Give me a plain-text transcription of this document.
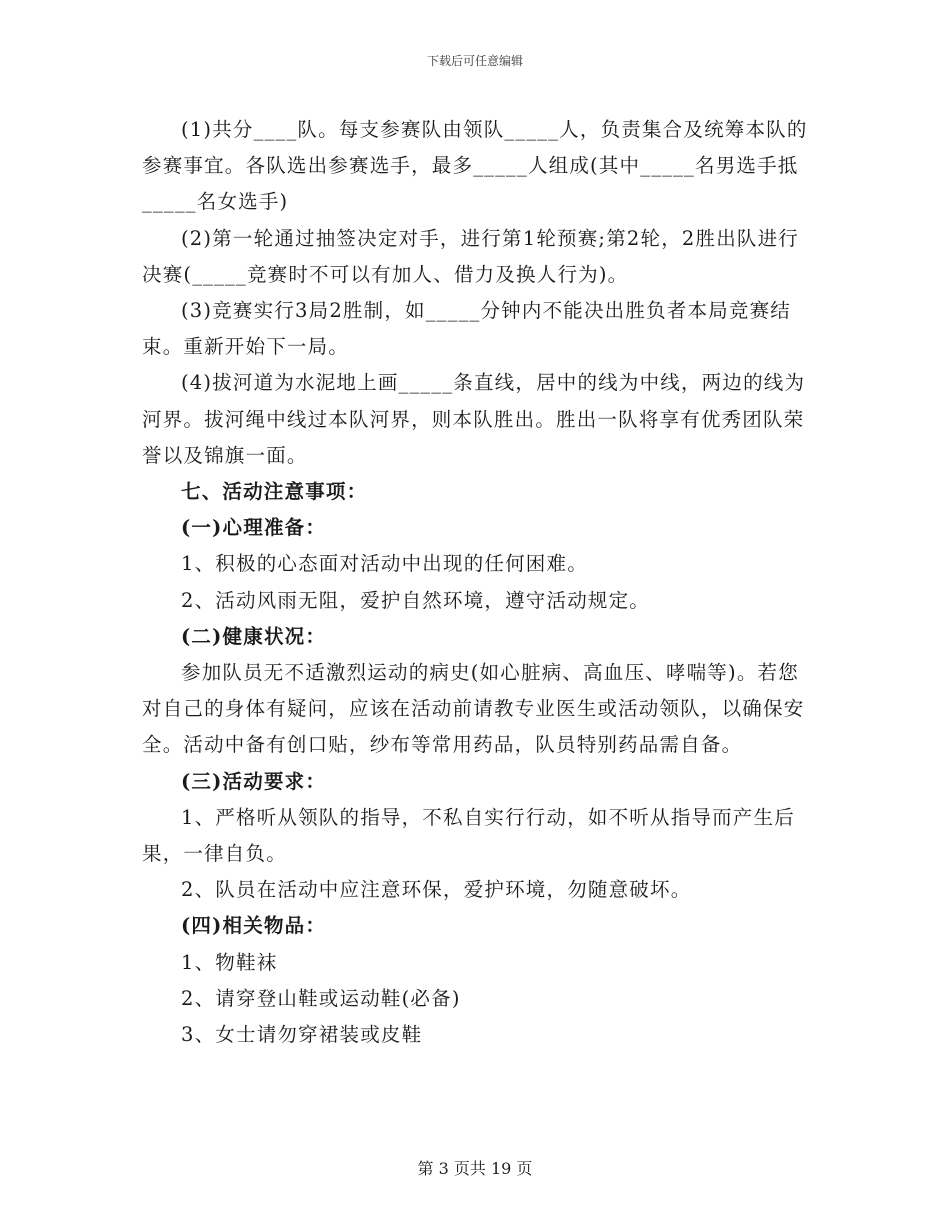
下载后可任意编辑

(1)共分____队。每支参赛队由领队_____人，负责集合及统筹本队的参赛事宜。各队选出参赛选手，最多_____人组成(其中_____名男选手抵_____名女选手)

(2)第一轮通过抽签决定对手，进行第1轮预赛;第2轮，2胜出队进行决赛(_____竞赛时不可以有加人、借力及换人行为)。

(3)竞赛实行3局2胜制，如_____分钟内不能决出胜负者本局竞赛结束。重新开始下一局。

(4)拔河道为水泥地上画_____条直线，居中的线为中线，两边的线为河界。拔河绳中线过本队河界，则本队胜出。胜出一队将享有优秀团队荣誉以及锦旗一面。

七、活动注意事项：

(一)心理准备：

1、积极的心态面对活动中出现的任何困难。

2、活动风雨无阻，爱护自然环境，遵守活动规定。

(二)健康状况：

参加队员无不适激烈运动的病史(如心脏病、高血压、哮喘等)。若您对自己的身体有疑问，应该在活动前请教专业医生或活动领队，以确保安全。活动中备有创口贴，纱布等常用药品，队员特别药品需自备。

(三)活动要求：

1、严格听从领队的指导，不私自实行行动，如不听从指导而产生后果，一律自负。

2、队员在活动中应注意环保，爱护环境，勿随意破坏。

(四)相关物品：

1、物鞋袜

2、请穿登山鞋或运动鞋(必备)

3、女士请勿穿裙装或皮鞋

第 3 页共 19 页
